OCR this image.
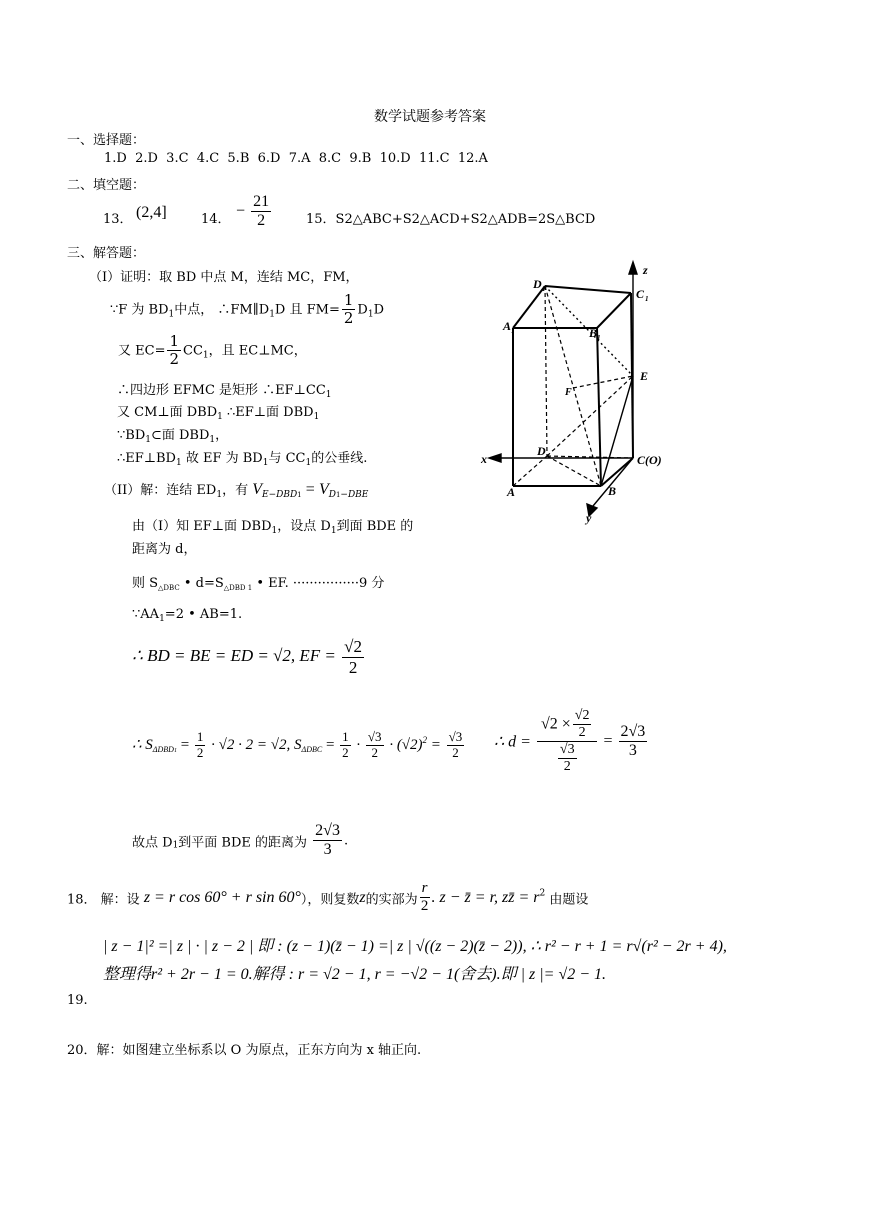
数学试题参考答案
一、选择题：
1.D  2.D  3.C  4.C  5.B  6.D  7.A  8.C  9.B  10.D  11.C  12.A
二、填空题：
13． (2,4]	14．
− $\frac{21}{2}$	15．S2△ABC+S2△ACD+S2△ADB=2S△BCD
三、解答题：
（I）证明：取 BD 中点 M，连结 MC，FM，
∵F 为 $BD_1$中点， $\therefore FM\parallel D_1D$ 且 $FM= \frac{1}{2} D_1D$
又 $EC= \frac{1}{2} CC_1$，且 EC⊥MC，
∴四边形 EFMC 是矩形 $\therefore EF\perp CC_1$
又 CM⊥面 $DBD_1$ ∴EF⊥面 $DBD_1$
$\because BD_1\subset$面 $DBD_1$，
$\therefore EF\perp BD_1$ 故 EF 为 $BD_1$与 $CC_1$的公垂线.
（II）解：连结 $ED_1$，有 $V_{E-DBD1} = V_{D1-DBE}$
由（I）知 EF⊥面 $DBD_1$，设点 $D_1$到面 BDE 的
距离为 d，
则 $S_{\triangle DBC}$ • $d=S_{\triangle DBD 1}$ • EF. ················9 分
$\because AA_1=2$ • AB=1.
∴ BD = BE = ED = √2, EF = $\frac{√2}{2}$
∴ $S_{\Delta DBD1} = \frac{1}{2} \cdot √2 \cdot 2 = √2$, $S_{\Delta DBC} = \frac{1}{2} \cdot \frac{√3}{2} \cdot (√2)^2 = \frac{√3}{2}$ ∴ $d = \frac{√2 \times \frac{√2}{2}}{\frac{√3}{2}} = \frac{2√3}{3}$
故点 $D_1$到平面 BDE 的距离为 $\frac{2√3}{3}$ .
18． 解：设 z = r cos 60° + r sin 60°），则复数z的实部为 $\frac{r}{2}$ . z − z̄ = r, zz̄ = $r^2$ 由题设
| z − 1|² =| z | · | z − 2 | 即 : (z − 1)(z̄ − 1) =| z | √((z − 2)(z̄ − 2)), ∴ r² − r + 1 = r√(r² − 2r + 4),
整理得r² + 2r − 1 = 0.解得 : r = √2 − 1, r = −√2 − 1(舍去).即 | z |= √2 − 1.
19.
20．解：如图建立坐标系以 O 为原点，正东方向为 x 轴正向.
D 1	C 1
A 1	B 1
z
E
F
x
D
C(O)
A	B
y
